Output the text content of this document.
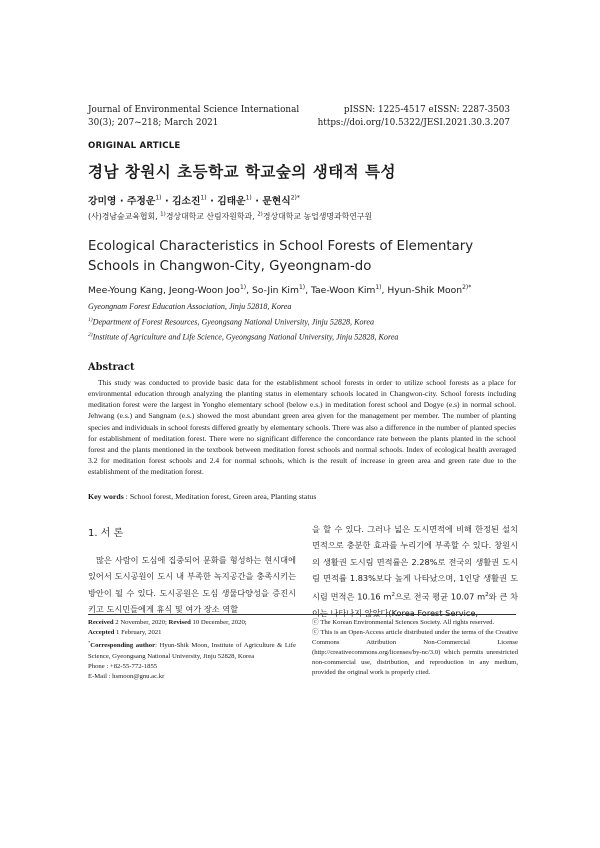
Journal of Environmental Science International
30(3); 207~218; March 2021
pISSN: 1225-4517 eISSN: 2287-3503
https://doi.org/10.5322/JESI.2021.30.3.207
ORIGINAL ARTICLE
경남 창원시 초등학교 학교숲의 생태적 특성
강미영 · 주정운$^{1)}$ · 김소진$^{1)}$ · 김태운$^{1)}$ · 문현식$^{2)*}$
(사)경남숲교육협회, $^{1)}$경상대학교 산림자원학과, $^{2)}$경상대학교 농업생명과학연구원
Ecological Characteristics in School Forests of Elementary Schools in Changwon-City, Gyeongnam-do
Mee-Young Kang, Jeong-Woon Joo$^{1)}$, So-Jin Kim$^{1)}$, Tae-Woon Kim$^{1)}$, Hyun-Shik Moon$^{2)*}$
Gyeongnam Forest Education Association, Jinju 52818, Korea
$^{1)}$Department of Forest Resources, Gyeongsang National University, Jinju 52828, Korea
$^{2)}$Institute of Agriculture and Life Science, Gyeongsang National University, Jinju 52828, Korea
Abstract
This study was conducted to provide basic data for the establishment school forests in order to utilize school forests as a place for environmental education through analyzing the planting status in elementary schools located in Changwon-city. School forests including meditation forest were the largest in Yongho elementary school (below e.s.) in meditation forest school and Dogye (e.s) in normal school. Jehwang (e.s.) and Sangnam (e.s.) showed the most abundant green area given for the management per member. The number of planting species and individuals in school forests differed greatly by elementary schools. There was also a difference in the number of planted species for establishment of meditation forest. There were no significant difference the concordance rate between the plants planted in the school forest and the plants mentioned in the textbook between meditation forest schools and normal schools. Index of ecological health averaged 3.2 for meditation forest schools and 2.4 for normal schools, which is the result of increase in green area and green rate due to the establishment of the meditation forest.
Key words : School forest, Meditation forest, Green area, Planting status
1. 서 론
많은 사람이 도심에 집중되어 문화를 형성하는 현시대에 있어서 도시공원이 도시 내 부족한 녹지공간을 충족시키는 방안이 될 수 있다. 도시공원은 도심 생물다양성을 증진시키고 도시민들에게 휴식 및 여가 장소 역할
을 할 수 있다. 그러나 넓은 도시면적에 비해 한정된 설치면적으로 충분한 효과를 누리기에 부족할 수 있다. 창원시의 생활권 도시림 면적률은 2.28%로 전국의 생활권 도시림 면적률 1.83%보다 높게 나타났으며, 1인당 생활권 도시림 면적은 10.16 $m^2$으로 전국 평균 10.07 $m^2$와 큰 차이는 나타나지 않았다(Korea Forest Service,
Received 2 November, 2020; Revised 10 December, 2020;
Accepted 1 February, 2021
*Corresponding author: Hyun-Shik Moon, Institute of Agriculture & Life Science, Gyeongsang National University, Jinju 52828, Korea
Phone : +82-55-772-1855
E-Mail : hsmoon@gnu.ac.kr
ⓒ The Korean Environmental Sciences Society. All rights reserved.
ⓒ This is an Open-Access article distributed under the terms of the Creative Commons Attribution Non-Commercial License (http://creativecommons.org/licenses/by-nc/3.0) which permits unrestricted non-commercial use, distribution, and reproduction in any medium, provided the original work is properly cited.
